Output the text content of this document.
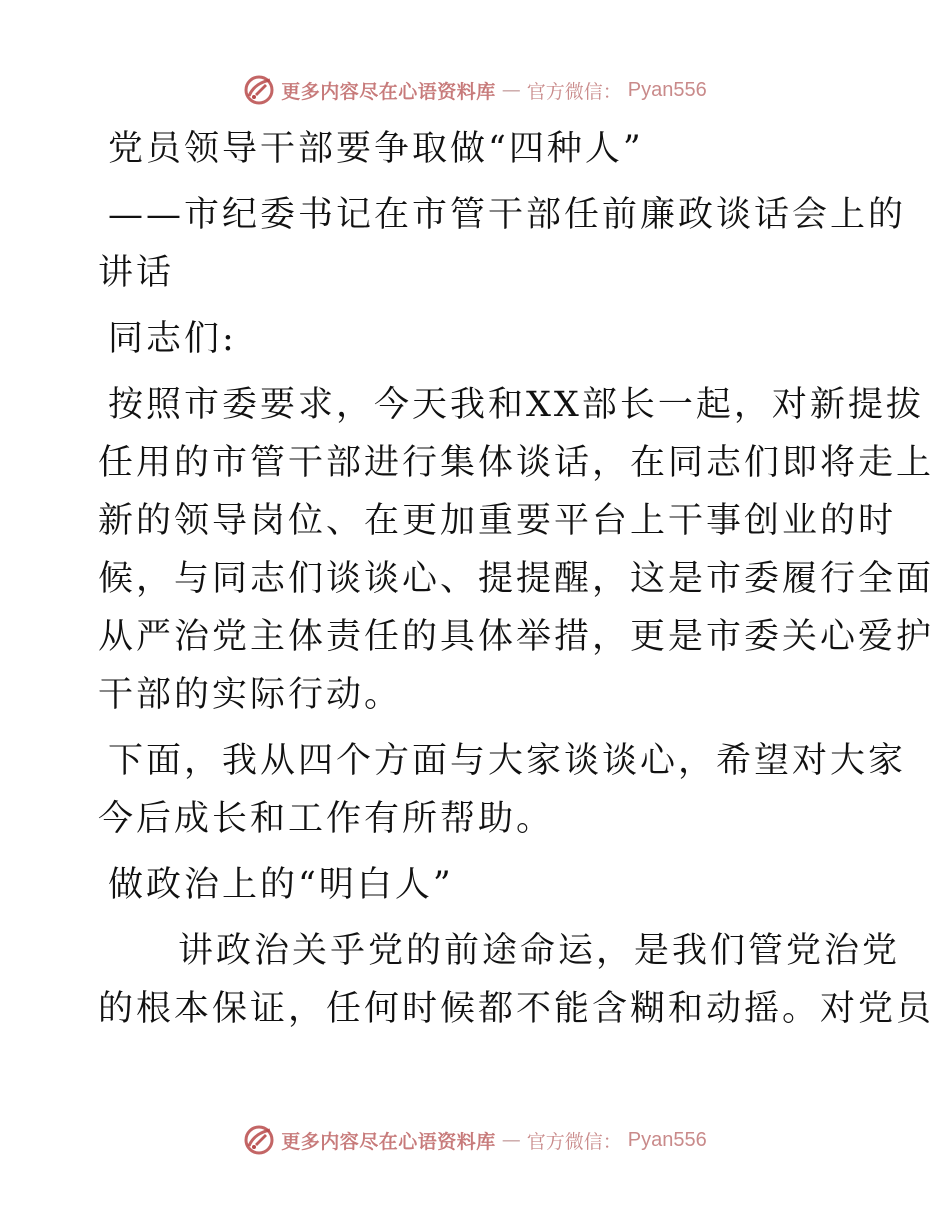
更多内容尽在心语资料库 — 官方微信： Pyan556

党员领导干部要争取做“四种人”

——市纪委书记在市管干部任前廉政谈话会上的

讲话

同志们:

按照市委要求，今天我和XX部长一起，对新提拔

任用的市管干部进行集体谈话，在同志们即将走上

新的领导岗位、在更加重要平台上干事创业的时

候，与同志们谈谈心、提提醒，这是市委履行全面

从严治党主体责任的具体举措，更是市委关心爱护

干部的实际行动。

下面，我从四个方面与大家谈谈心，希望对大家

今后成长和工作有所帮助。

做政治上的“明白人”

讲政治关乎党的前途命运，是我们管党治党

的根本保证，任何时候都不能含糊和动摇。对党员

更多内容尽在心语资料库 — 官方微信： Pyan556
